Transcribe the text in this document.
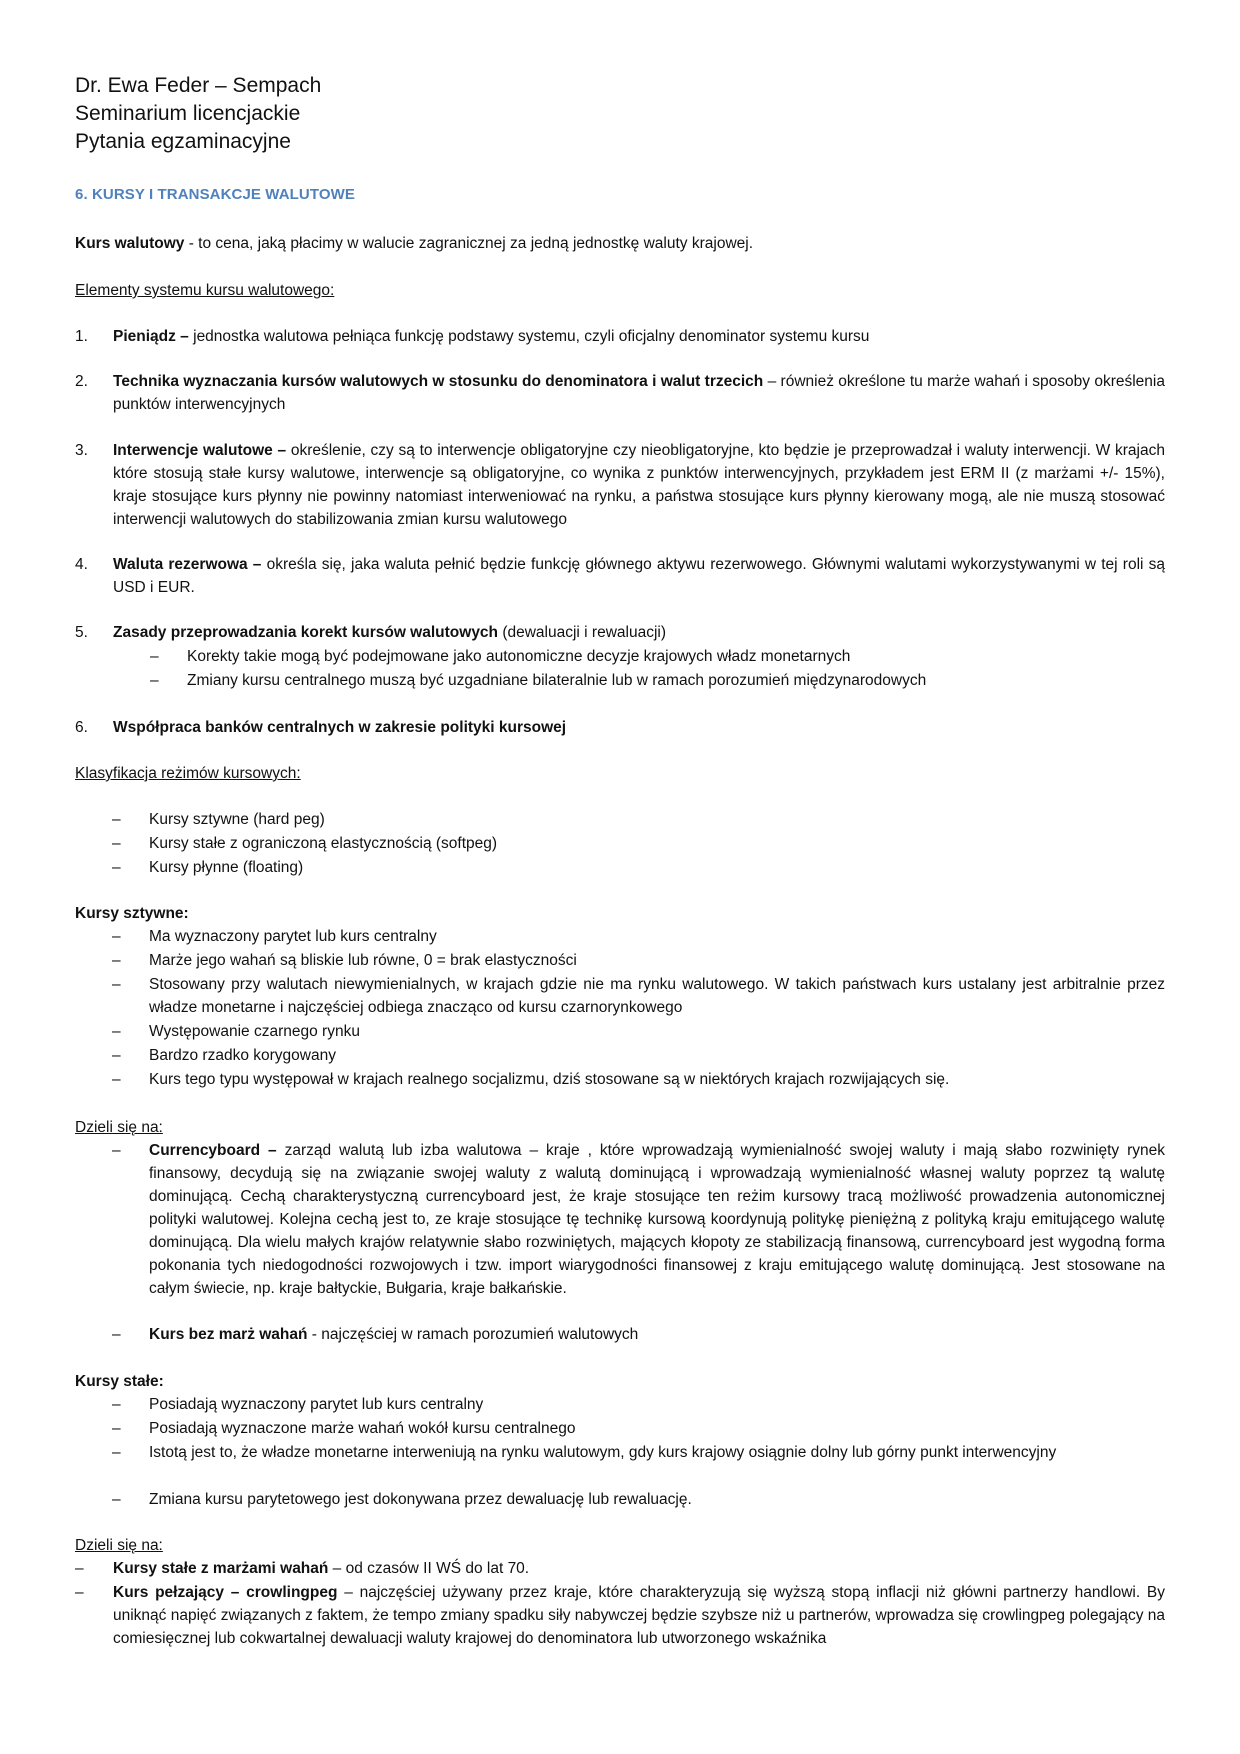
Dr. Ewa Feder – Sempach
Seminarium licencjackie
Pytania egzaminacyjne
6. KURSY I TRANSAKCJE WALUTOWE
Kurs walutowy - to cena, jaką płacimy w walucie zagranicznej za jedną jednostkę waluty krajowej.
Elementy systemu kursu walutowego:
1. Pieniądz – jednostka walutowa pełniąca funkcję podstawy systemu, czyli oficjalny denominator systemu kursu
2. Technika wyznaczania kursów walutowych w stosunku do denominatora i walut trzecich – również określone tu marże wahań i sposoby określenia punktów interwencyjnych
3. Interwencje walutowe – określenie, czy są to interwencje obligatoryjne czy nieobligatoryjne, kto będzie je przeprowadzał i waluty interwencji. W krajach które stosują stałe kursy walutowe, interwencje są obligatoryjne, co wynika z punktów interwencyjnych, przykładem jest ERM II (z marżami +/- 15%), kraje stosujące kurs płynny nie powinny natomiast interweniować na rynku, a państwa stosujące kurs płynny kierowany mogą, ale nie muszą stosować interwencji walutowych do stabilizowania zmian kursu walutowego
4. Waluta rezerwowa – określa się, jaka waluta pełnić będzie funkcję głównego aktywu rezerwowego. Głównymi walutami wykorzystywanymi w tej roli są USD i EUR.
5. Zasady przeprowadzania korekt kursów walutowych (dewaluacji i rewaluacji)
– Korekty takie mogą być podejmowane jako autonomiczne decyzje krajowych władz monetarnych
– Zmiany kursu centralnego muszą być uzgadniane bilateralnie lub w ramach porozumień międzynarodowych
6. Współpraca banków centralnych w zakresie polityki kursowej
Klasyfikacja reżimów kursowych:
– Kursy sztywne (hard peg)
– Kursy stałe z ograniczoną elastycznością (softpeg)
– Kursy płynne (floating)
Kursy sztywne:
– Ma wyznaczony parytet lub kurs centralny
– Marże jego wahań są bliskie lub równe, 0 = brak elastyczności
– Stosowany przy walutach niewymienialnych, w krajach gdzie nie ma rynku walutowego. W takich państwach kurs ustalany jest arbitralnie przez władze monetarne i najczęściej odbiega znacząco od kursu czarnorynkowego
– Występowanie czarnego rynku
– Bardzo rzadko korygowany
– Kurs tego typu występował w krajach realnego socjalizmu, dziś stosowane są w niektórych krajach rozwijających się.
Dzieli się na:
– Currencyboard – zarząd walutą lub izba walutowa – kraje , które wprowadzają wymienialność swojej waluty i mają słabo rozwinięty rynek finansowy, decydują się na związanie swojej waluty z walutą dominującą i wprowadzają wymienialność własnej waluty poprzez tą walutę dominującą. Cechą charakterystyczną currencyboard jest, że kraje stosujące ten reżim kursowy tracą możliwość prowadzenia autonomicznej polityki walutowej. Kolejna cechą jest to, ze kraje stosujące tę technikę kursową koordynują politykę pieniężną z polityką kraju emitującego walutę dominującą. Dla wielu małych krajów relatywnie słabo rozwiniętych, mających kłopoty ze stabilizacją finansową, currencyboard jest wygodną forma pokonania tych niedogodności rozwojowych i tzw. import wiarygodności finansowej z kraju emitującego walutę dominującą. Jest stosowane na całym świecie, np. kraje bałtyckie, Bułgaria, kraje bałkańskie.
– Kurs bez marż wahań - najczęściej w ramach porozumień walutowych
Kursy stałe:
– Posiadają wyznaczony parytet lub kurs centralny
– Posiadają wyznaczone marże wahań wokół kursu centralnego
– Istotą jest to, że władze monetarne interweniują na rynku walutowym, gdy kurs krajowy osiągnie dolny lub górny punkt interwencyjny
– Zmiana kursu parytetowego jest dokonywana przez dewaluację lub rewaluację.
Dzieli się na:
– Kursy stałe z marżami wahań – od czasów II WŚ do lat 70.
– Kurs pełzający – crowlingpeg – najczęściej używany przez kraje, które charakteryzują się wyższą stopą inflacji niż główni partnerzy handlowi. By uniknąć napięć związanych z faktem, że tempo zmiany spadku siły nabywczej będzie szybsze niż u partnerów, wprowadza się crowlingpeg polegający na comiesięcznej lub cokwartalnej dewaluacji waluty krajowej do denominatora lub utworzonego wskaźnika
